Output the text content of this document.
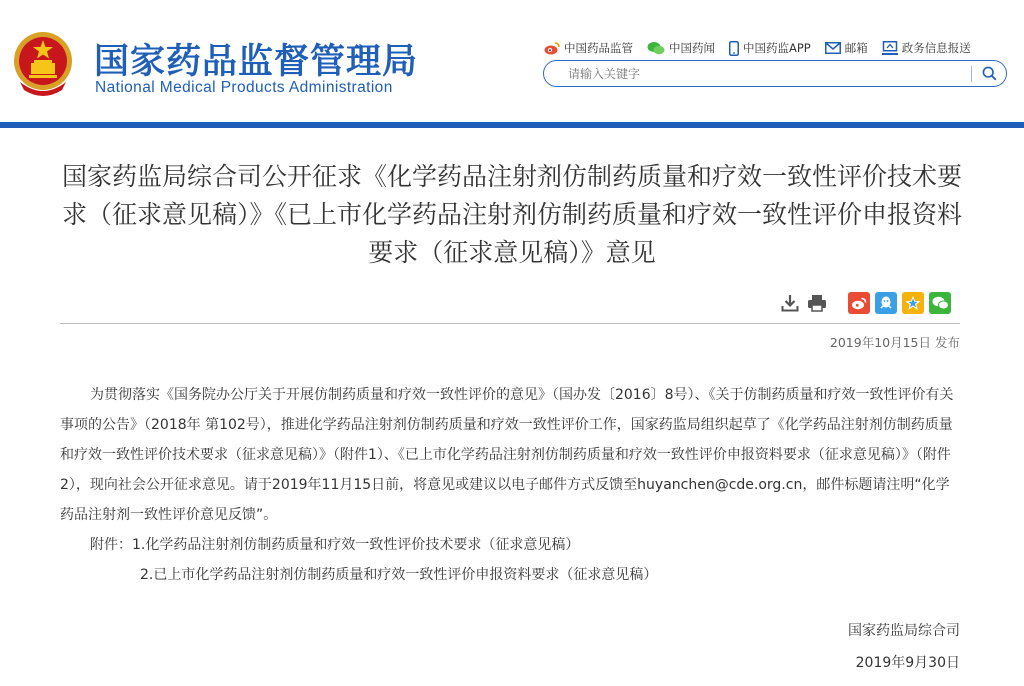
国家药品监督管理局
National Medical Products Administration
中国药品监管	中国药闻 中国药监APP	邮箱	政务信息报送
请输入关键字
国家药监局综合司公开征求《化学药品注射剂仿制药质量和疗效一致性评价技术要求（征求意见稿）》《已上市化学药品注射剂仿制药质量和疗效一致性评价申报资料要求（征求意见稿）》意见
2019年10月15日 发布

为贯彻落实《国务院办公厅关于开展仿制药质量和疗效一致性评价的意见》（国办发〔2016〕8号）、《关于仿制药质量和疗效一致性评价有关事项的公告》（2018年 第102号），推进化学药品注射剂仿制药质量和疗效一致性评价工作，国家药监局组织起草了《化学药品注射剂仿制药质量和疗效一致性评价技术要求（征求意见稿）》（附件1）、《已上市化学药品注射剂仿制药质量和疗效一致性评价申报资料要求（征求意见稿）》（附件2），现向社会公开征求意见。请于2019年11月15日前，将意见或建议以电子邮件方式反馈至huyanchen@cde.org.cn，邮件标题请注明“化学药品注射剂一致性评价意见反馈”。

附件：1.化学药品注射剂仿制药质量和疗效一致性评价技术要求（征求意见稿）

2.已上市化学药品注射剂仿制药质量和疗效一致性评价申报资料要求（征求意见稿）

国家药监局综合司
2019年9月30日
